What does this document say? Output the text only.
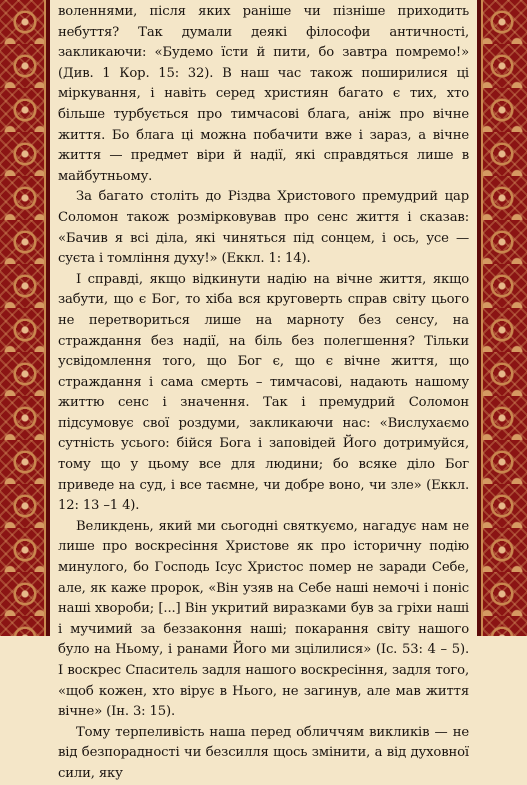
воленнями, після яких раніше чи пізніше приходить небуття? Так думали деякі філософи античності, закликаючи: «Будемо їсти й пити, бо завтра помремо!» (Див. 1 Кор. 15: 32). В наш час також поширилися ці міркування, і навіть серед християн багато є тих, хто більше турбується про тимчасові блага, аніж про вічне життя. Бо блага ці можна побачити вже і зараз, а вічне життя — предмет віри й надії, які справдяться лише в майбутньому.

За багато століть до Різдва Христового премудрий цар Соломон також розмірковував про сенс життя і сказав: «Бачив я всі діла, які чиняться під сонцем, і ось, усе — суєта і томління духу!» (Еккл. 1: 14).

І справді, якщо відкинути надію на вічне життя, якщо забути, що є Бог, то хіба вся круговерть справ світу цього не перетвориться лише на марноту без сенсу, на страждання без надії, на біль без полегшення? Тільки усвідомлення того, що Бог є, що є вічне життя, що страждання і сама смерть – тимчасові, надають нашому життю сенс і значення. Так і премудрий Соломон підсумовує свої роздуми, закликаючи нас: «Вислухаємо сутність усього: бійся Бога і заповідей Його дотримуйся, тому що у цьому все для людини; бо всяке діло Бог приведе на суд, і все таємне, чи добре воно, чи зле» (Еккл. 12: 13 –1 4).

Великдень, який ми сьогодні святкуємо, нагадує нам не лише про воскресіння Христове як про історичну подію минулого, бо Господь Ісус Христос помер не заради Себе, але, як каже пророк, «Він узяв на Себе наші немочі і поніс наші хвороби; [...] Він укритий виразками був за гріхи наші і мучимий за беззаконня наші; покарання світу нашого було на Ньому, і ранами Його ми зцілилися» (Іс. 53: 4 – 5). І воскрес Спаситель задля нашого воскресіння, задля того, «щоб кожен, хто вірує в Нього, не загинув, але мав життя вічне» (Ін. 3: 15).

Тому терпеливість наша перед обличчям викликів — не від безпорадності чи безсилля щось змінити, а від духовної сили, яку
